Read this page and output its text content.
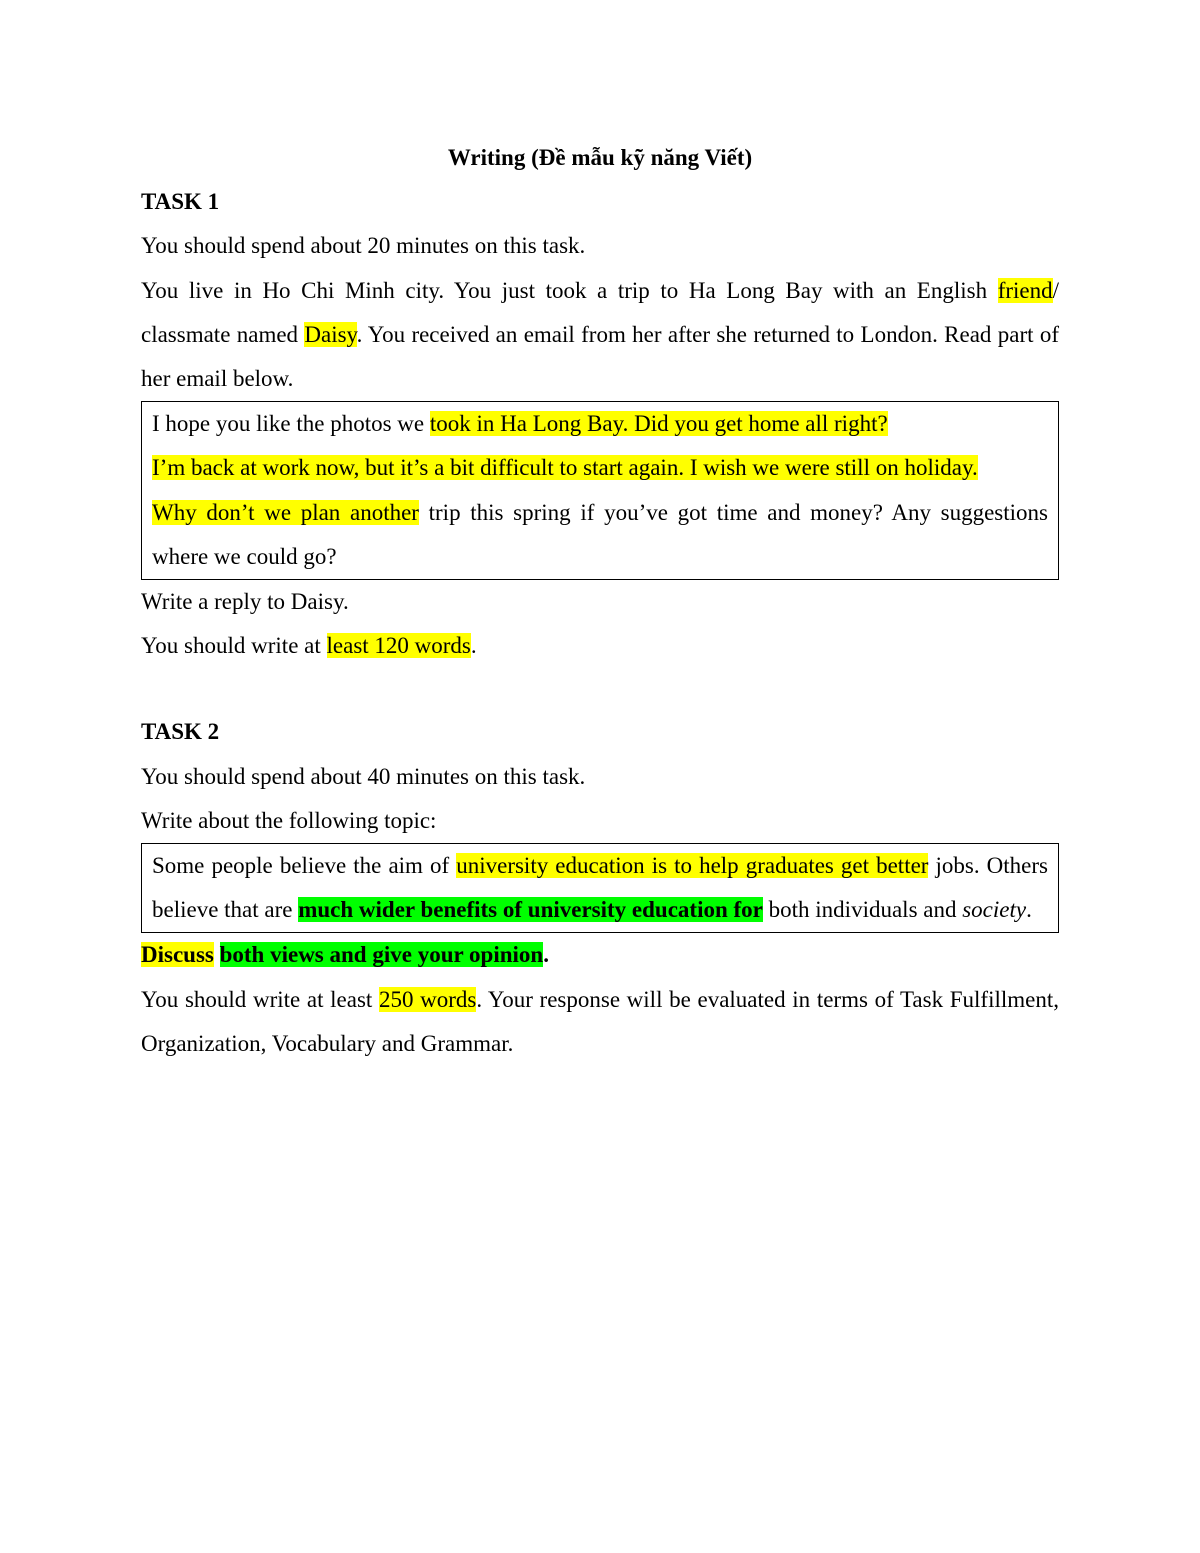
Writing (Đề mẫu kỹ năng Viết)

TASK 1

You should spend about 20 minutes on this task.

You live in Ho Chi Minh city. You just took a trip to Ha Long Bay with an English friend/ classmate named Daisy. You received an email from her after she returned to London. Read part of her email below.

I hope you like the photos we took in Ha Long Bay. Did you get home all right?

I’m back at work now, but it’s a bit difficult to start again. I wish we were still on holiday.

Why don’t we plan another trip this spring if you’ve got time and money? Any suggestions where we could go?

Write a reply to Daisy.

You should write at least 120 words.

TASK 2

You should spend about 40 minutes on this task.

Write about the following topic:

Some people believe the aim of university education is to help graduates get better jobs. Others believe that are much wider benefits of university education for both individuals and society.

Discuss both views and give your opinion.

You should write at least 250 words. Your response will be evaluated in terms of Task Fulfillment, Organization, Vocabulary and Grammar.
